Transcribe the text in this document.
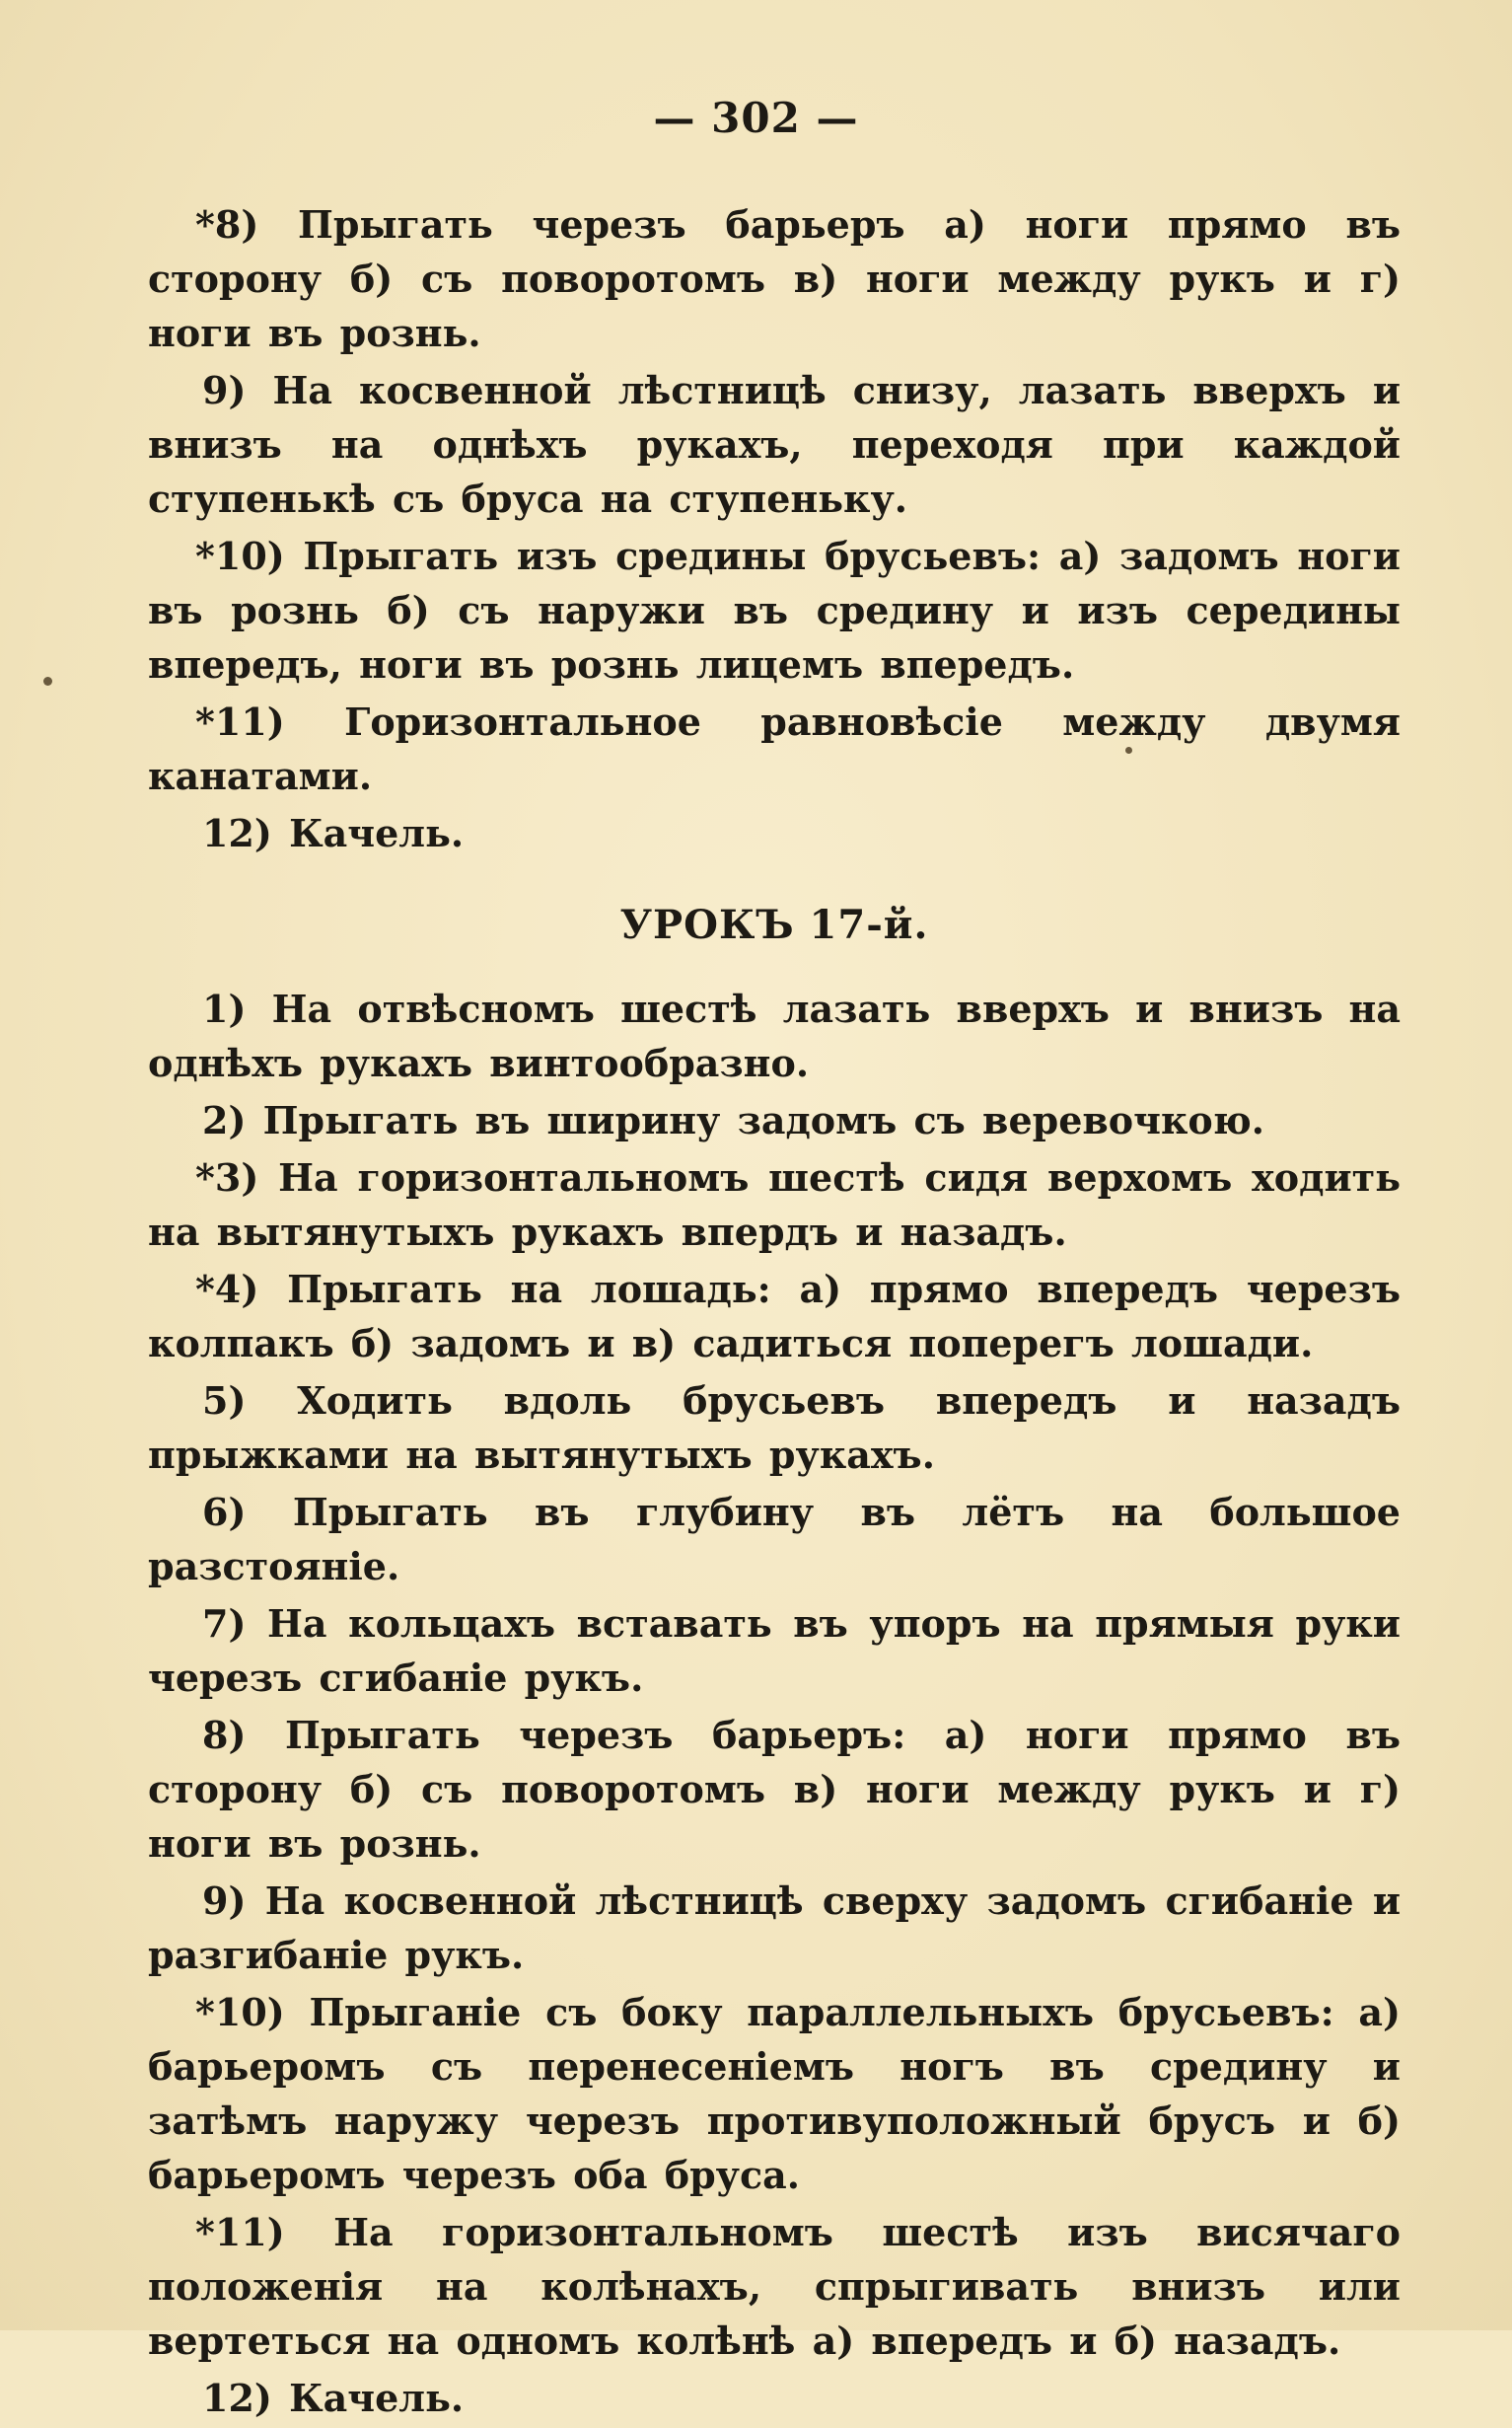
— 302 —

*8) Прыгать черезъ барьеръ а) ноги прямо въ сторону б) съ поворотомъ в) ноги между рукъ и г) ноги въ рознь.

9) На косвенной лѣстницѣ снизу, лазать вверхъ и внизъ на однѣхъ рукахъ, переходя при каждой ступенькѣ съ бруса на ступеньку.

*10) Прыгать изъ средины брусьевъ: а) задомъ ноги въ рознь б) съ наружи въ средину и изъ середины впередъ, ноги въ рознь лицемъ впередъ.

*11) Горизонтальное равновѣсіе между двумя канатами.

12) Качель.

УРОКЪ 17-й.

1) На отвѣсномъ шестѣ лазать вверхъ и внизъ на однѣхъ рукахъ винтообразно.

2) Прыгать въ ширину задомъ съ веревочкою.

*3) На горизонтальномъ шестѣ сидя верхомъ ходить на вытянутыхъ рукахъ впердъ и назадъ.

*4) Прыгать на лошадь: а) прямо впередъ черезъ колпакъ б) задомъ и в) садиться поперегъ лошади.

5) Ходить вдоль брусьевъ впередъ и назадъ прыжками на вытянутыхъ рукахъ.

6) Прыгать въ глубину въ лётъ на большое разстояніе.

7) На кольцахъ вставать въ упоръ на прямыя руки черезъ сгибаніе рукъ.

8) Прыгать черезъ барьеръ: а) ноги прямо въ сторону б) съ поворотомъ в) ноги между рукъ и г) ноги въ рознь.

9) На косвенной лѣстницѣ сверху задомъ сгибаніе и разгибаніе рукъ.

*10) Прыганіе съ боку параллельныхъ брусьевъ: а) барьеромъ съ перенесеніемъ ногъ въ средину и затѣмъ наружу черезъ противуположный брусъ и б) барьеромъ черезъ оба бруса.

*11) На горизонтальномъ шестѣ изъ висячаго положенія на колѣнахъ, спрыгивать внизъ или вертеться на одномъ колѣнѣ а) впередъ и б) назадъ.

12) Качель.
